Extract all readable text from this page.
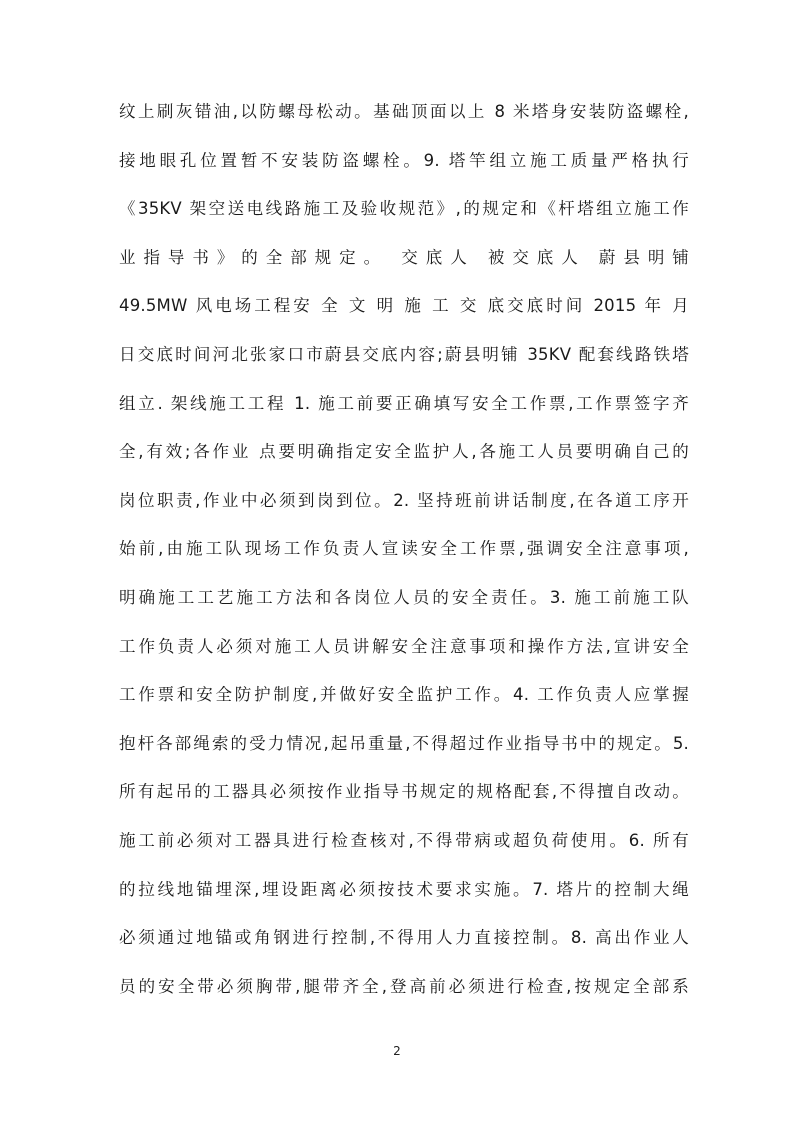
纹上刷灰错油,以防螺母松动。基础顶面以上 8 米塔身安装防盗螺栓,
接地眼孔位置暂不安装防盗螺栓。9. 塔竿组立施工质量严格执行
《35KV 架空送电线路施工及验收规范》,的规定和《杆塔组立施工作
业指导书》的全部规定。 交底人 被交底人 蔚县明铺
49.5MW 风电场工程安 全 文 明 施 工 交 底交底时间 2015 年 月
日交底时间河北张家口市蔚县交底内容;蔚县明铺 35KV 配套线路铁塔
组立. 架线施工工程 1. 施工前要正确填写安全工作票,工作票签字齐
全,有效;各作业 点要明确指定安全监护人,各施工人员要明确自己的
岗位职责,作业中必须到岗到位。2. 坚持班前讲话制度,在各道工序开
始前,由施工队现场工作负责人宣读安全工作票,强调安全注意事项,
明确施工工艺施工方法和各岗位人员的安全责任。3. 施工前施工队
工作负责人必须对施工人员讲解安全注意事项和操作方法,宣讲安全
工作票和安全防护制度,并做好安全监护工作。4. 工作负责人应掌握
抱杆各部绳索的受力情况,起吊重量,不得超过作业指导书中的规定。5.
所有起吊的工器具必须按作业指导书规定的规格配套,不得擅自改动。
施工前必须对工器具进行检查核对,不得带病或超负荷使用。6. 所有
的拉线地锚埋深,埋设距离必须按技术要求实施。7. 塔片的控制大绳
必须通过地锚或角钢进行控制,不得用人力直接控制。8. 高出作业人
员的安全带必须胸带,腿带齐全,登高前必须进行检查,按规定全部系
2
